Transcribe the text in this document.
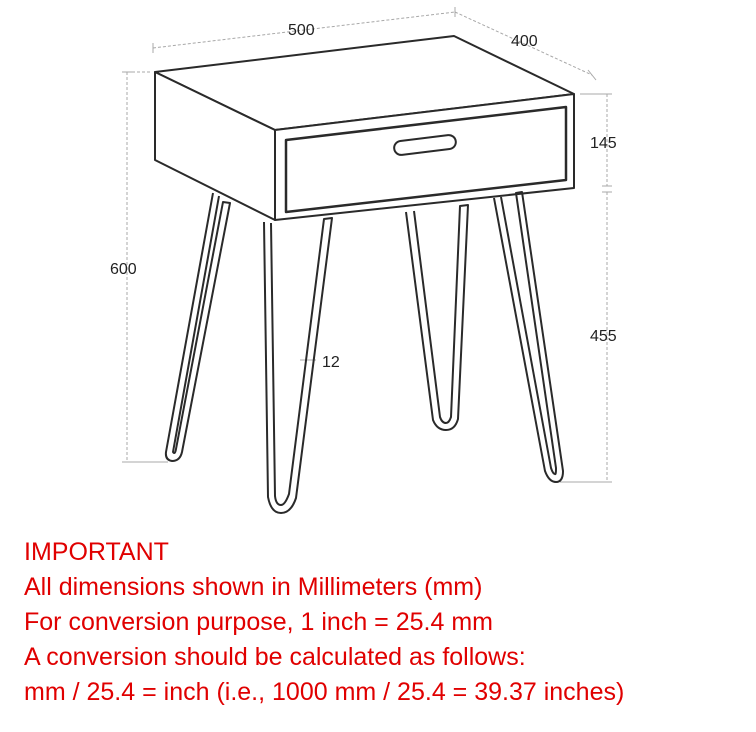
500
400
145
600
455
12
IMPORTANT
All dimensions shown in Millimeters (mm)
For conversion purpose, 1 inch = 25.4 mm
A conversion should be calculated as follows:
mm / 25.4 = inch (i.e., 1000 mm / 25.4 = 39.37 inches)
